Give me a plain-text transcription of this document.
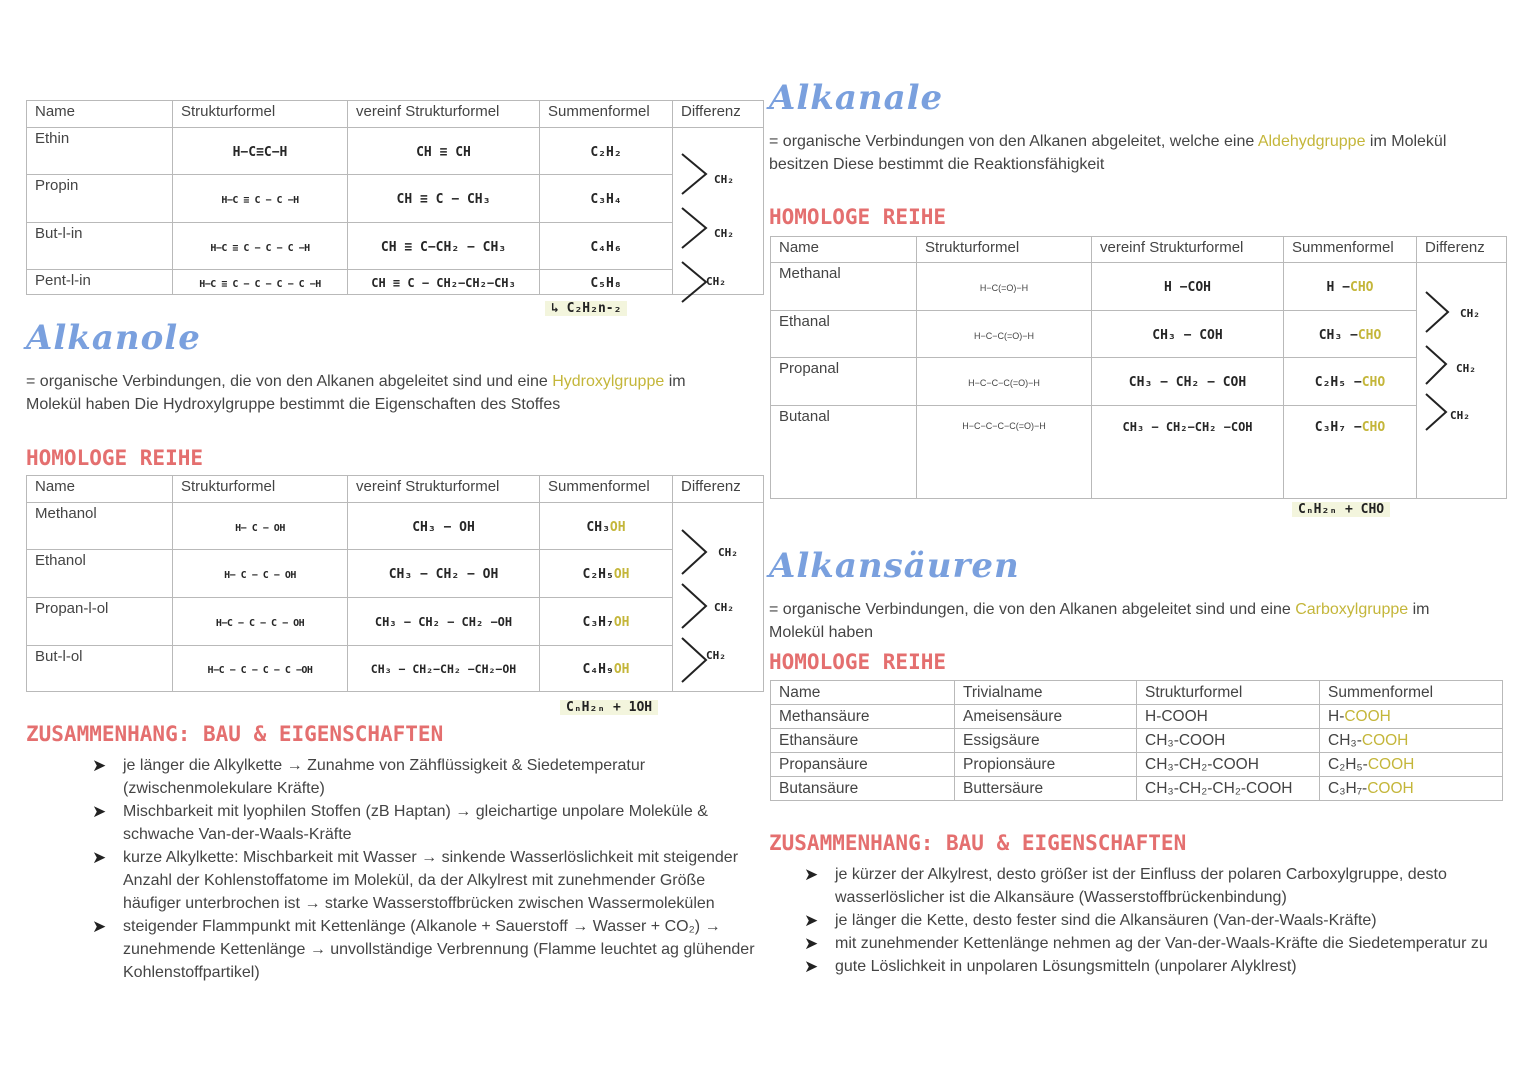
Name	Strukturformel	vereinf Strukturformel	Summenformel	Differenz
Ethin	H−C≡C−H	CH ≡ CH	C₂H₂	
Propin	H−C ≡ C − C −H	CH ≡ C − CH₃	C₃H₄	
But-l-in	H−C ≡ C − C − C −H	CH ≡ C−CH₂ − CH₃	C₄H₆	
Pent-l-in	H−C ≡ C − C − C − C −H	CH ≡ C − CH₂−CH₂−CH₃	C₅H₈	
CH₂
CH₂
CH₂
↳ C₂H₂n-₂
Alkanole
= organische Verbindungen, die von den Alkanen abgeleitet sind und eine Hydroxylgruppe im Molekül haben Die Hydroxylgruppe bestimmt die Eigenschaften des Stoffes
HOMOLOGE REIHE
Name	Strukturformel	vereinf Strukturformel	Summenformel	Differenz
Methanol	H− C − OH	CH₃ − OH	CH₃OH	
Ethanol	H− C − C − OH	CH₃ − CH₂ − OH	C₂H₅OH	
Propan-l-ol	H−C − C − C − OH	CH₃ − CH₂ − CH₂ −OH	C₃H₇OH	
But-l-ol	H−C − C − C − C −OH	CH₃ − CH₂−CH₂ −CH₂−OH	C₄H₉OH	
CH₂
CH₂
CH₂
CₙH₂ₙ + 1OH
ZUSAMMENHANG: BAU & EIGENSCHAFTEN
➤ je länger die Alkylkette → Zunahme von Zähflüssigkeit & Siedetemperatur (zwischenmolekulare Kräfte)
➤ Mischbarkeit mit lyophilen Stoffen (zB Haptan) → gleichartige unpolare Moleküle & schwache Van-der-Waals-Kräfte
➤ kurze Alkylkette: Mischbarkeit mit Wasser → sinkende Wasserlöslichkeit mit steigender Anzahl der Kohlenstoffatome im Molekül, da der Alkylrest mit zunehmender Größe häufiger unterbrochen ist → starke Wasserstoffbrücken zwischen Wassermolekülen
➤ steigender Flammpunkt mit Kettenlänge (Alkanole + Sauerstoff → Wasser + CO₂) → zunehmende Kettenlänge → unvollständige Verbrennung (Flamme leuchtet ag glühender Kohlenstoffpartikel)
Alkanale
= organische Verbindungen von den Alkanen abgeleitet, welche eine Aldehydgruppe im Molekül besitzen Diese bestimmt die Reaktionsfähigkeit
HOMOLOGE REIHE
Name	Strukturformel	vereinf Strukturformel	Summenformel	Differenz
Methanal	H−C(=O)−H	H −COH	H −CHO	
Ethanal	H−C−C(=O)−H	CH₃ − COH	CH₃ −CHO	
Propanal	H−C−C−C(=O)−H	CH₃ − CH₂ − COH	C₂H₅ −CHO	
Butanal	H−C−C−C−C(=O)−H	CH₃ − CH₂−CH₂ −COH	C₃H₇ −CHO	
CH₂
CH₂
CH₂
CₙH₂ₙ + CHO
Alkansäuren
= organische Verbindungen, die von den Alkanen abgeleitet sind und eine Carboxylgruppe im Molekül haben
HOMOLOGE REIHE
Name	Trivialname	Strukturformel	Summenformel
Methansäure	Ameisensäure	H-COOH	H-COOH
Ethansäure	Essigsäure	CH₃-COOH	CH₃-COOH
Propansäure	Propionsäure	CH₃-CH₂-COOH	C₂H₅-COOH
Butansäure	Buttersäure	CH₃-CH₂-CH₂-COOH	C₃H₇-COOH
ZUSAMMENHANG: BAU & EIGENSCHAFTEN
➤ je kürzer der Alkylrest, desto größer ist der Einfluss der polaren Carboxylgruppe, desto wasserlöslicher ist die Alkansäure (Wasserstoffbrückenbindung)
➤ je länger die Kette, desto fester sind die Alkansäuren (Van-der-Waals-Kräfte)
➤ mit zunehmender Kettenlänge nehmen ag der Van-der-Waals-Kräfte die Siedetemperatur zu
➤ gute Löslichkeit in unpolaren Lösungsmitteln (unpolarer Alyklrest)
